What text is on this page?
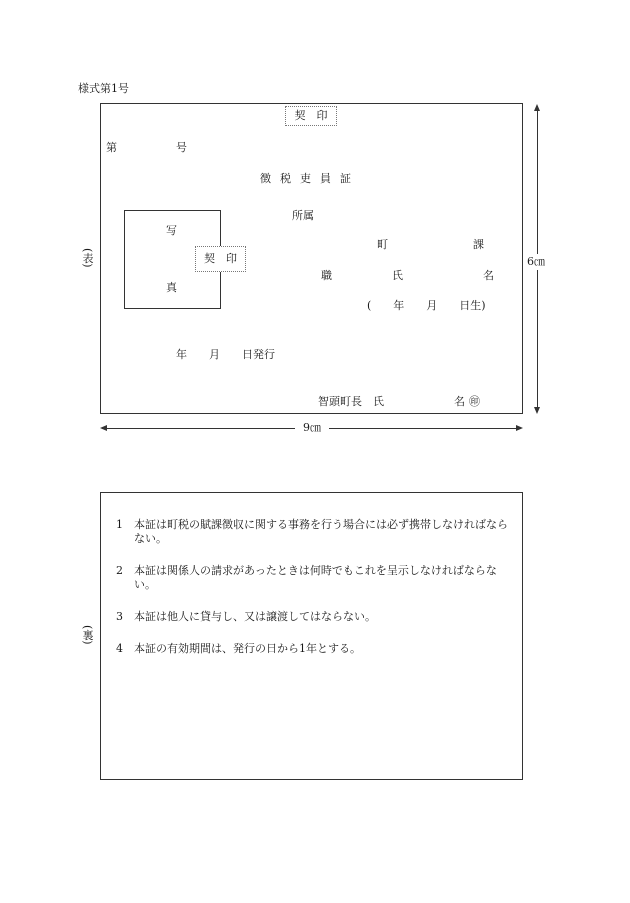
様式第1号
契　印
第	号
徴税吏員証
写
真
契　印
所属
町	課
職	氏	名
(　　年　　月　　日生)
年　　月　　日発行
智頭町長　氏	名 ㊞
(表)	6㎝
9㎝
(裏)
1	本証は町税の賦課徴収に関する事務を行う場合には必ず携帯しなければならない。
2	本証は関係人の請求があったときは何時でもこれを呈示しなければならない。
3	本証は他人に貸与し、又は譲渡してはならない。
4	本証の有効期間は、発行の日から1年とする。
